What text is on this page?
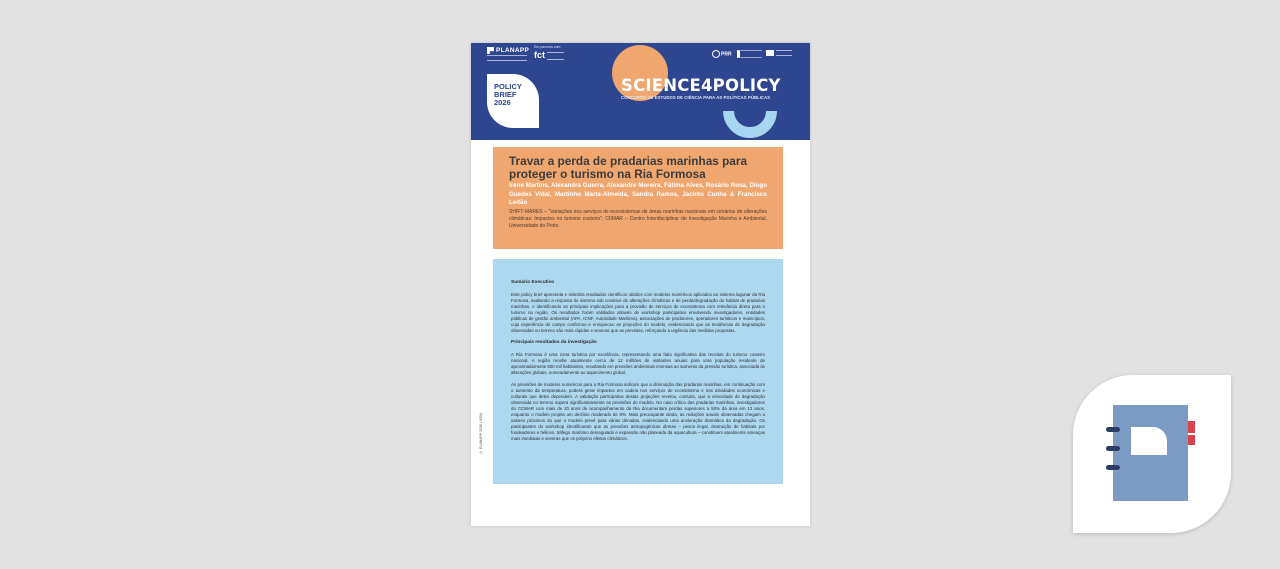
PLANAPP Em parceria com
fct	PRR
POLICY
BRIEF
2026
SCIENCE4POLICY
CONCURSO DE ESTUDOS DE CIÊNCIA PARA AS POLÍTICAS PÚBLICAS
Travar a perda de pradarias marinhas para proteger o turismo na Ria Formosa
Irene Martins, Alexandra Guerra, Alexandre Moreira, Fátima Alves, Rosário Rosa, Diogo Guedes Vidal, Martinho Marta-Almeida, Sandra Ramos, Jacinto Cunha & Francisco Leitão
SHIFT-MARES – "Variações nos serviços de ecossistemas de áreas marinhas nacionais em cenários de alterações climáticas: Impactos no turismo costeiro"; CIIMAR – Centro Interdisciplinar de Investigação Marinha e Ambiental, Universidade do Porto
Sumário Executivo

Este policy brief apresenta e sintetiza resultados científicos obtidos com modelos numéricos aplicados ao sistema lagunar da Ria Formosa, avaliando a resposta do sistema sob cenários de alterações climáticas e de perda/degradação do habitat de pradarias marinhas, e identificando as principais implicações para a provisão de serviços de ecossistema com relevância direta para o turismo na região. Os resultados foram validados através de workshop participativo envolvendo investigadores, entidades públicas de gestão ambiental (APA, ICNF, Autoridade Marítima), associações de produtores, operadores turísticos e municípios, cuja experiência de campo confirmou e enriqueceu as projeções do modelo, evidenciando que as tendências de degradação observadas no terreno são mais rápidas e severas que as previstas, reforçando a urgência das medidas propostas.

Principais resultados da investigação

A Ria Formosa é uma zona turística por excelência, representando uma fatia significativa das receitas do turismo costeiro nacional. A região recebe atualmente cerca de 12 milhões de visitantes anuais para uma população residente de aproximadamente 500 mil habitantes, resultando em pressões ambientais imensas ao aumento da pressão turística, associada às alterações globais, nomeadamente ao aquecimento global.

As previsões de modelos numéricos para a Ria Formosa indicam que a diminuição das pradarias marinhas, em continuação com o aumento da temperatura, poderá gerar impactos em cadeia nos serviços de ecossistema e nas atividades económicas e culturais que deles dependem. A validação participativa destas projeções revelou, contudo, que a velocidade de degradação observada no terreno supera significativamente as previsões do modelo. No caso crítico das pradarias marinhas, investigadores do CCMAR com mais de 20 anos de acompanhamento da Ria documentam perdas superiores a 50% da área em 13 anos, enquanto o modelo projeta um declínio moderado de 8%. Mais preocupante ainda, as reduções anuais observadas chegam a valores próximos do que o modelo prevê para várias décadas, evidenciando uma aceleração dramática da degradação. Os participantes do workshop identificaram que as pressões antropogénicas diretas – pesca ilegal, destruição de habitats por fundeadores e hélices, tráfego marítimo desregulado e expansão não planeada da aquacultura – constituem atualmente ameaças mais imediatas e severas que os próprios efeitos climáticos.

© PLANAPP 2026 | ISSN
